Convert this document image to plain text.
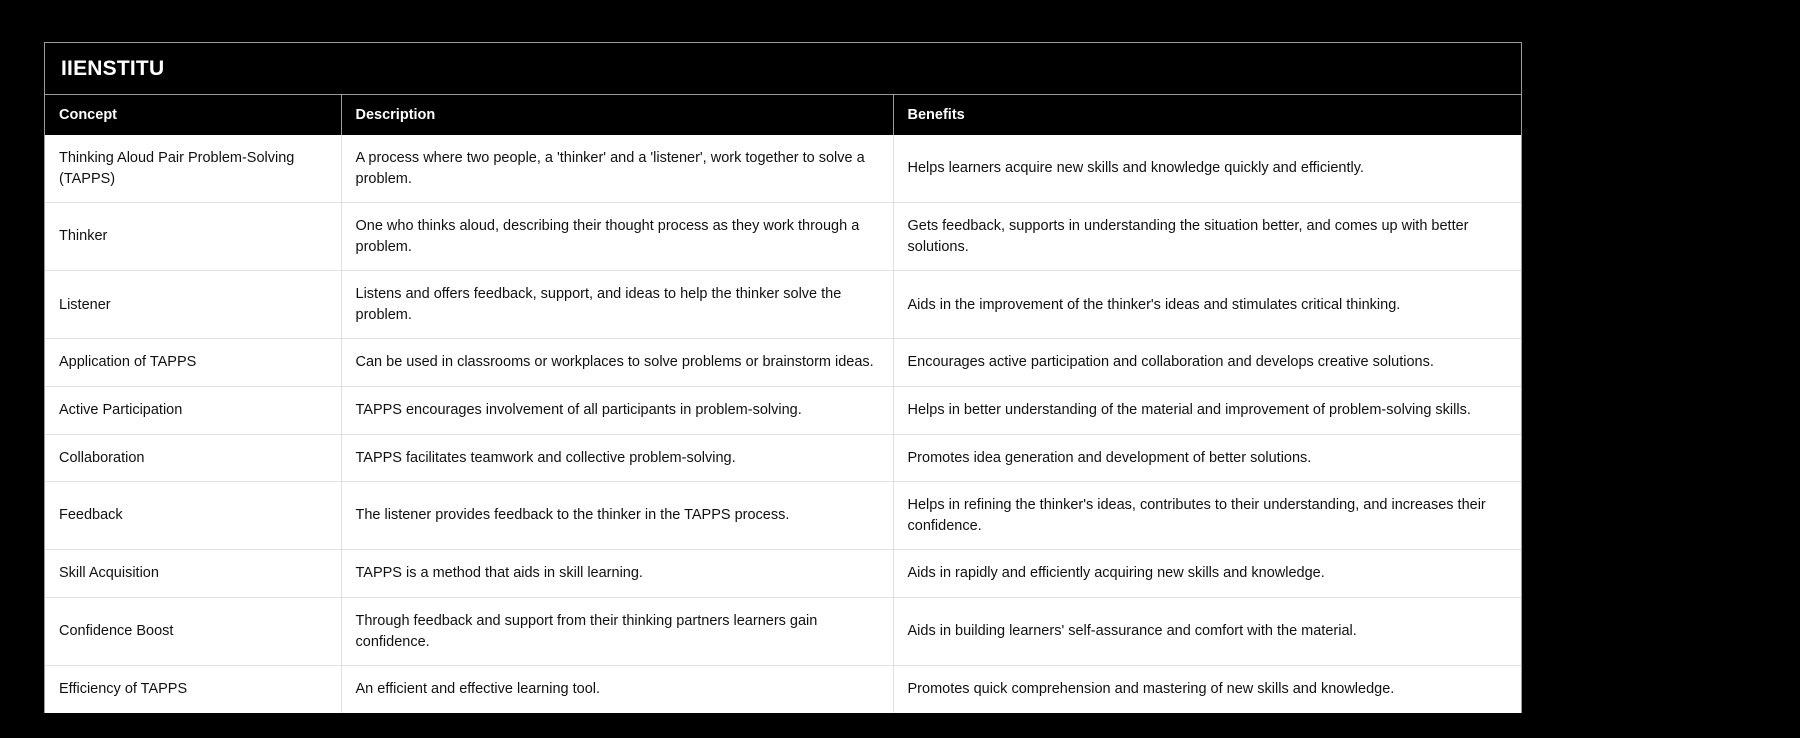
IIENSTITU
Concept	Description	Benefits
Thinking Aloud Pair Problem-Solving (TAPPS)	A process where two people, a 'thinker' and a 'listener', work together to solve a problem.	Helps learners acquire new skills and knowledge quickly and efficiently.
Thinker	One who thinks aloud, describing their thought process as they work through a problem.	Gets feedback, supports in understanding the situation better, and comes up with better solutions.
Listener	Listens and offers feedback, support, and ideas to help the thinker solve the problem.	Aids in the improvement of the thinker's ideas and stimulates critical thinking.
Application of TAPPS	Can be used in classrooms or workplaces to solve problems or brainstorm ideas.	Encourages active participation and collaboration and develops creative solutions.
Active Participation	TAPPS encourages involvement of all participants in problem-solving.	Helps in better understanding of the material and improvement of problem-solving skills.
Collaboration	TAPPS facilitates teamwork and collective problem-solving.	Promotes idea generation and development of better solutions.
Feedback	The listener provides feedback to the thinker in the TAPPS process.	Helps in refining the thinker's ideas, contributes to their understanding, and increases their confidence.
Skill Acquisition	TAPPS is a method that aids in skill learning.	Aids in rapidly and efficiently acquiring new skills and knowledge.
Confidence Boost	Through feedback and support from their thinking partners learners gain confidence.	Aids in building learners' self-assurance and comfort with the material.
Efficiency of TAPPS	An efficient and effective learning tool.	Promotes quick comprehension and mastering of new skills and knowledge.
